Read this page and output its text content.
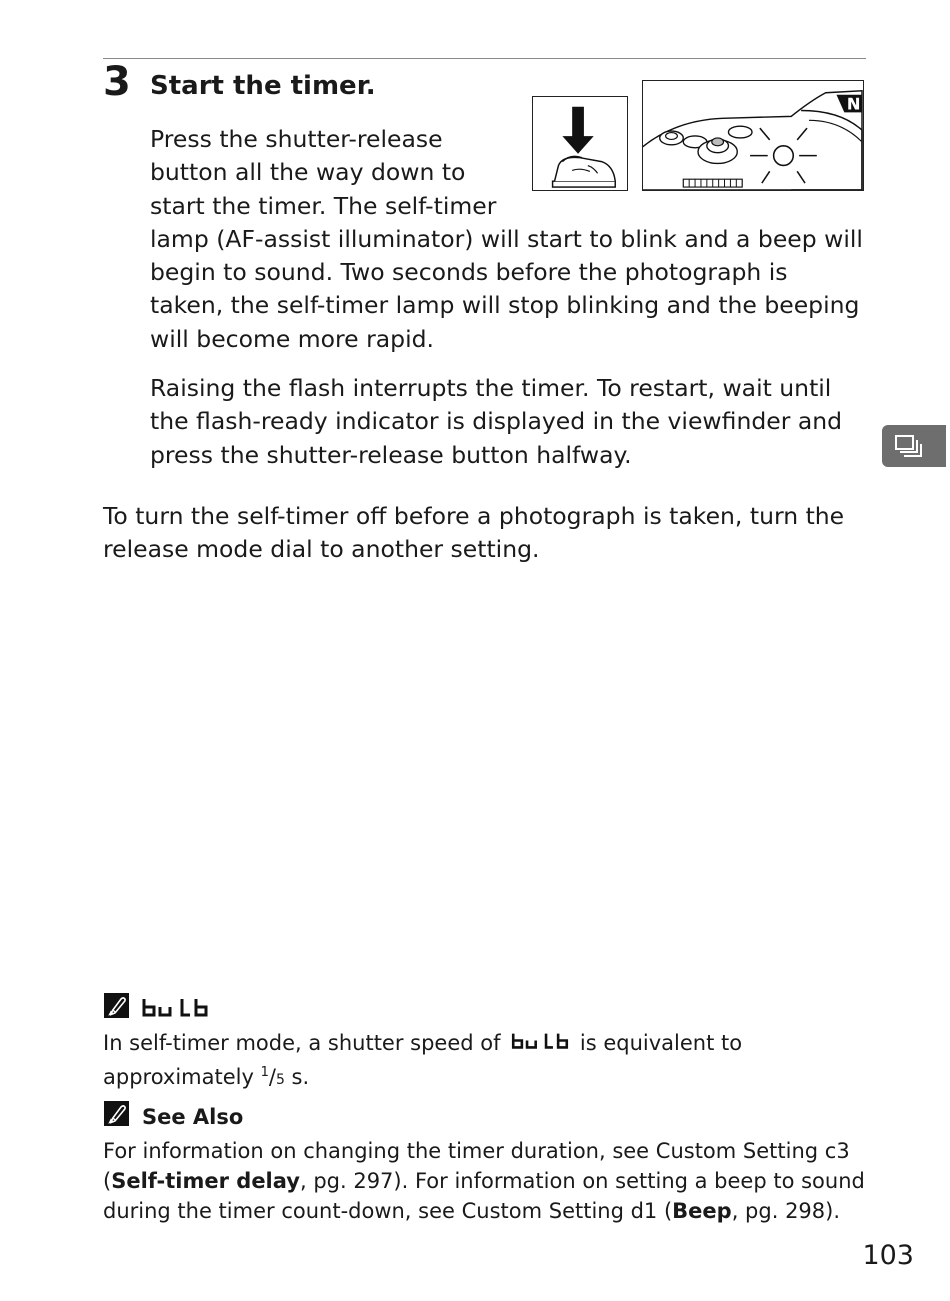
3 Start the timer.

Press the shutter-release button all the way down to start the timer. The self-timer lamp (AF-assist illuminator) will start to blink and a beep will begin to sound. Two seconds before the photograph is taken, the self-timer lamp will stop blinking and the beeping will become more rapid.

Raising the flash interrupts the timer. To restart, wait until the flash-ready indicator is displayed in the viewfinder and press the shutter-release button halfway.

To turn the self-timer off before a photograph is taken, turn the release mode dial to another setting.

In self-timer mode, a shutter speed of	is equivalent to approximately $^1$/5 s.

See Also

For information on changing the timer duration, see Custom Setting c3 (Self-timer delay, pg. 297). For information on setting a beep to sound during the timer count-down, see Custom Setting d1 (Beep, pg. 298).

103
